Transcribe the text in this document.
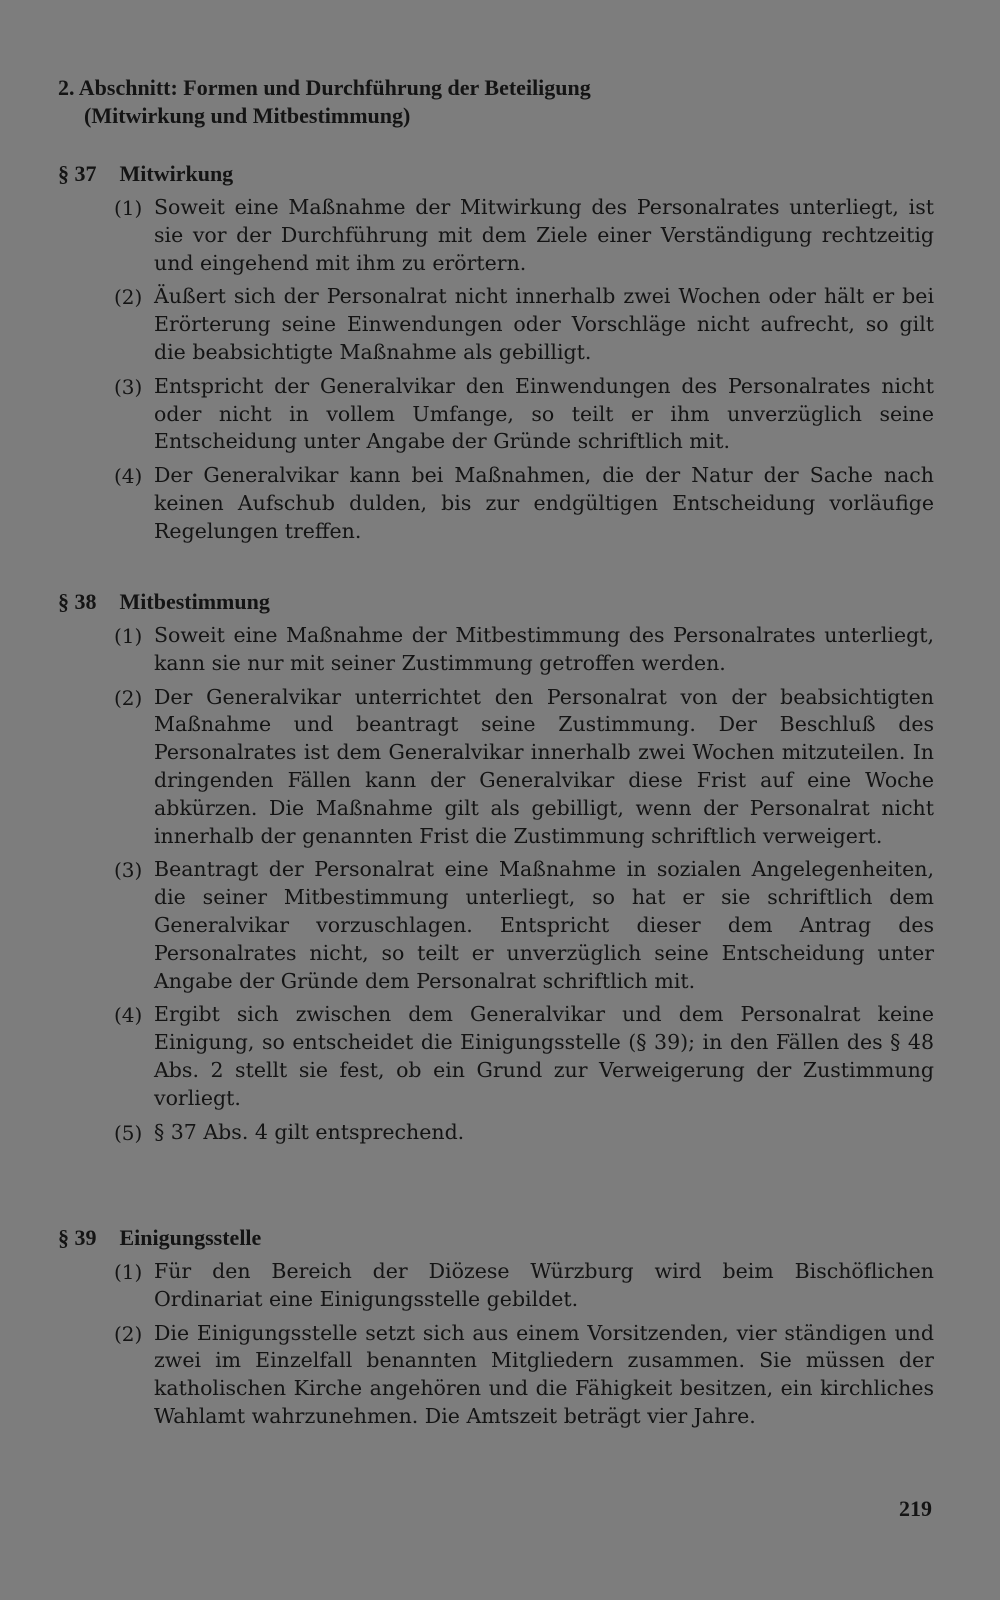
2. Abschnitt: Formen und Durchführung der Beteiligung
(Mitwirkung und Mitbestimmung)
§ 37 Mitwirkung
(1) Soweit eine Maßnahme der Mitwirkung des Personalrates unterliegt, ist sie vor der Durchführung mit dem Ziele einer Verständigung rechtzeitig und eingehend mit ihm zu erörtern.
(2) Äußert sich der Personalrat nicht innerhalb zwei Wochen oder hält er bei Erörterung seine Einwendungen oder Vorschläge nicht aufrecht, so gilt die beabsichtigte Maßnahme als gebilligt.
(3) Entspricht der Generalvikar den Einwendungen des Personalrates nicht oder nicht in vollem Umfange, so teilt er ihm unverzüglich seine Entscheidung unter Angabe der Gründe schriftlich mit.
(4) Der Generalvikar kann bei Maßnahmen, die der Natur der Sache nach keinen Aufschub dulden, bis zur endgültigen Entscheidung vorläufige Regelungen treffen.
§ 38 Mitbestimmung
(1) Soweit eine Maßnahme der Mitbestimmung des Personalrates unterliegt, kann sie nur mit seiner Zustimmung getroffen werden.
(2) Der Generalvikar unterrichtet den Personalrat von der beabsichtigten Maßnahme und beantragt seine Zustimmung. Der Beschluß des Personalrates ist dem Generalvikar innerhalb zwei Wochen mitzuteilen. In dringenden Fällen kann der Generalvikar diese Frist auf eine Woche abkürzen. Die Maßnahme gilt als gebilligt, wenn der Personalrat nicht innerhalb der genannten Frist die Zustimmung schriftlich verweigert.
(3) Beantragt der Personalrat eine Maßnahme in sozialen Angelegenheiten, die seiner Mitbestimmung unterliegt, so hat er sie schriftlich dem Generalvikar vorzuschlagen. Entspricht dieser dem Antrag des Personalrates nicht, so teilt er unverzüglich seine Entscheidung unter Angabe der Gründe dem Personalrat schriftlich mit.
(4) Ergibt sich zwischen dem Generalvikar und dem Personalrat keine Einigung, so entscheidet die Einigungsstelle (§ 39); in den Fällen des § 48 Abs. 2 stellt sie fest, ob ein Grund zur Verweigerung der Zustimmung vorliegt.
(5) § 37 Abs. 4 gilt entsprechend.
§ 39 Einigungsstelle
(1) Für den Bereich der Diözese Würzburg wird beim Bischöflichen Ordinariat eine Einigungsstelle gebildet.
(2) Die Einigungsstelle setzt sich aus einem Vorsitzenden, vier ständigen und zwei im Einzelfall benannten Mitgliedern zusammen. Sie müssen der katholischen Kirche angehören und die Fähigkeit besitzen, ein kirchliches Wahlamt wahrzunehmen. Die Amtszeit beträgt vier Jahre.
219
